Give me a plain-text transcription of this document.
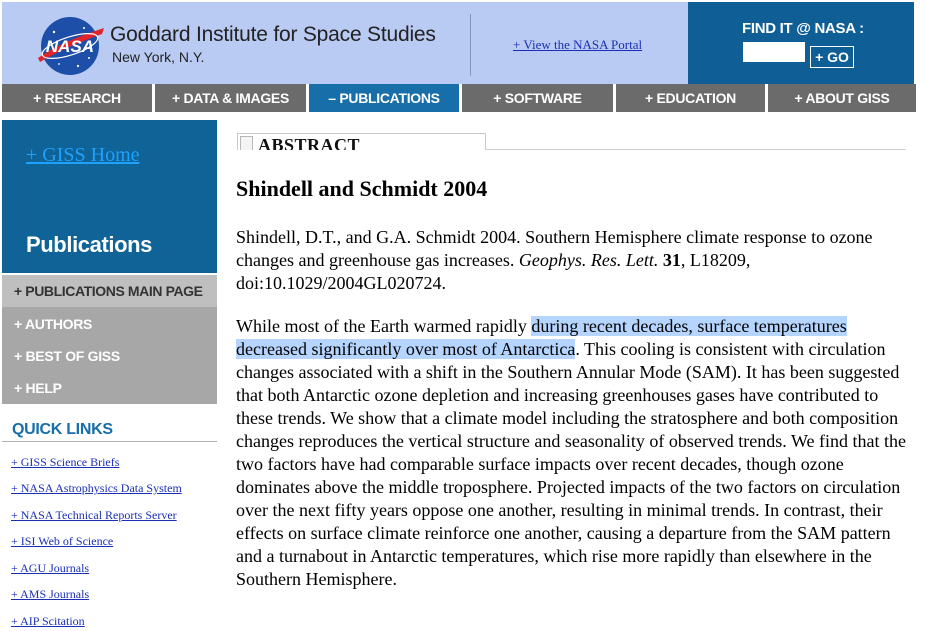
NASA
Goddard Institute for Space Studies
New York, N.Y.
+ View the NASA Portal
FIND IT @ NASA :
+ GO
+ RESEARCH	+ DATA & IMAGES	– PUBLICATIONS	+ SOFTWARE	+ EDUCATION	+ ABOUT GISS
+ GISS Home
Publications
+ PUBLICATIONS MAIN PAGE
+ AUTHORS
+ BEST OF GISS
+ HELP
QUICK LINKS
+ GISS Science Briefs
+ NASA Astrophysics Data System
+ NASA Technical Reports Server
+ ISI Web of Science
+ AGU Journals
+ AMS Journals
+ AIP Scitation
ABSTRACT
Shindell and Schmidt 2004
Shindell, D.T., and G.A. Schmidt 2004. Southern Hemisphere climate response to ozone changes and greenhouse gas increases. Geophys. Res. Lett. 31, L18209, doi:10.1029/2004GL020724.
While most of the Earth warmed rapidly during recent decades, surface temperatures decreased significantly over most of Antarctica. This cooling is consistent with circulation changes associated with a shift in the Southern Annular Mode (SAM). It has been suggested that both Antarctic ozone depletion and increasing greenhouses gases have contributed to these trends. We show that a climate model including the stratosphere and both composition changes reproduces the vertical structure and seasonality of observed trends. We find that the two factors have had comparable surface impacts over recent decades, though ozone dominates above the middle troposphere. Projected impacts of the two factors on circulation over the next fifty years oppose one another, resulting in minimal trends. In contrast, their effects on surface climate reinforce one another, causing a departure from the SAM pattern and a turnabout in Antarctic temperatures, which rise more rapidly than elsewhere in the Southern Hemisphere.
